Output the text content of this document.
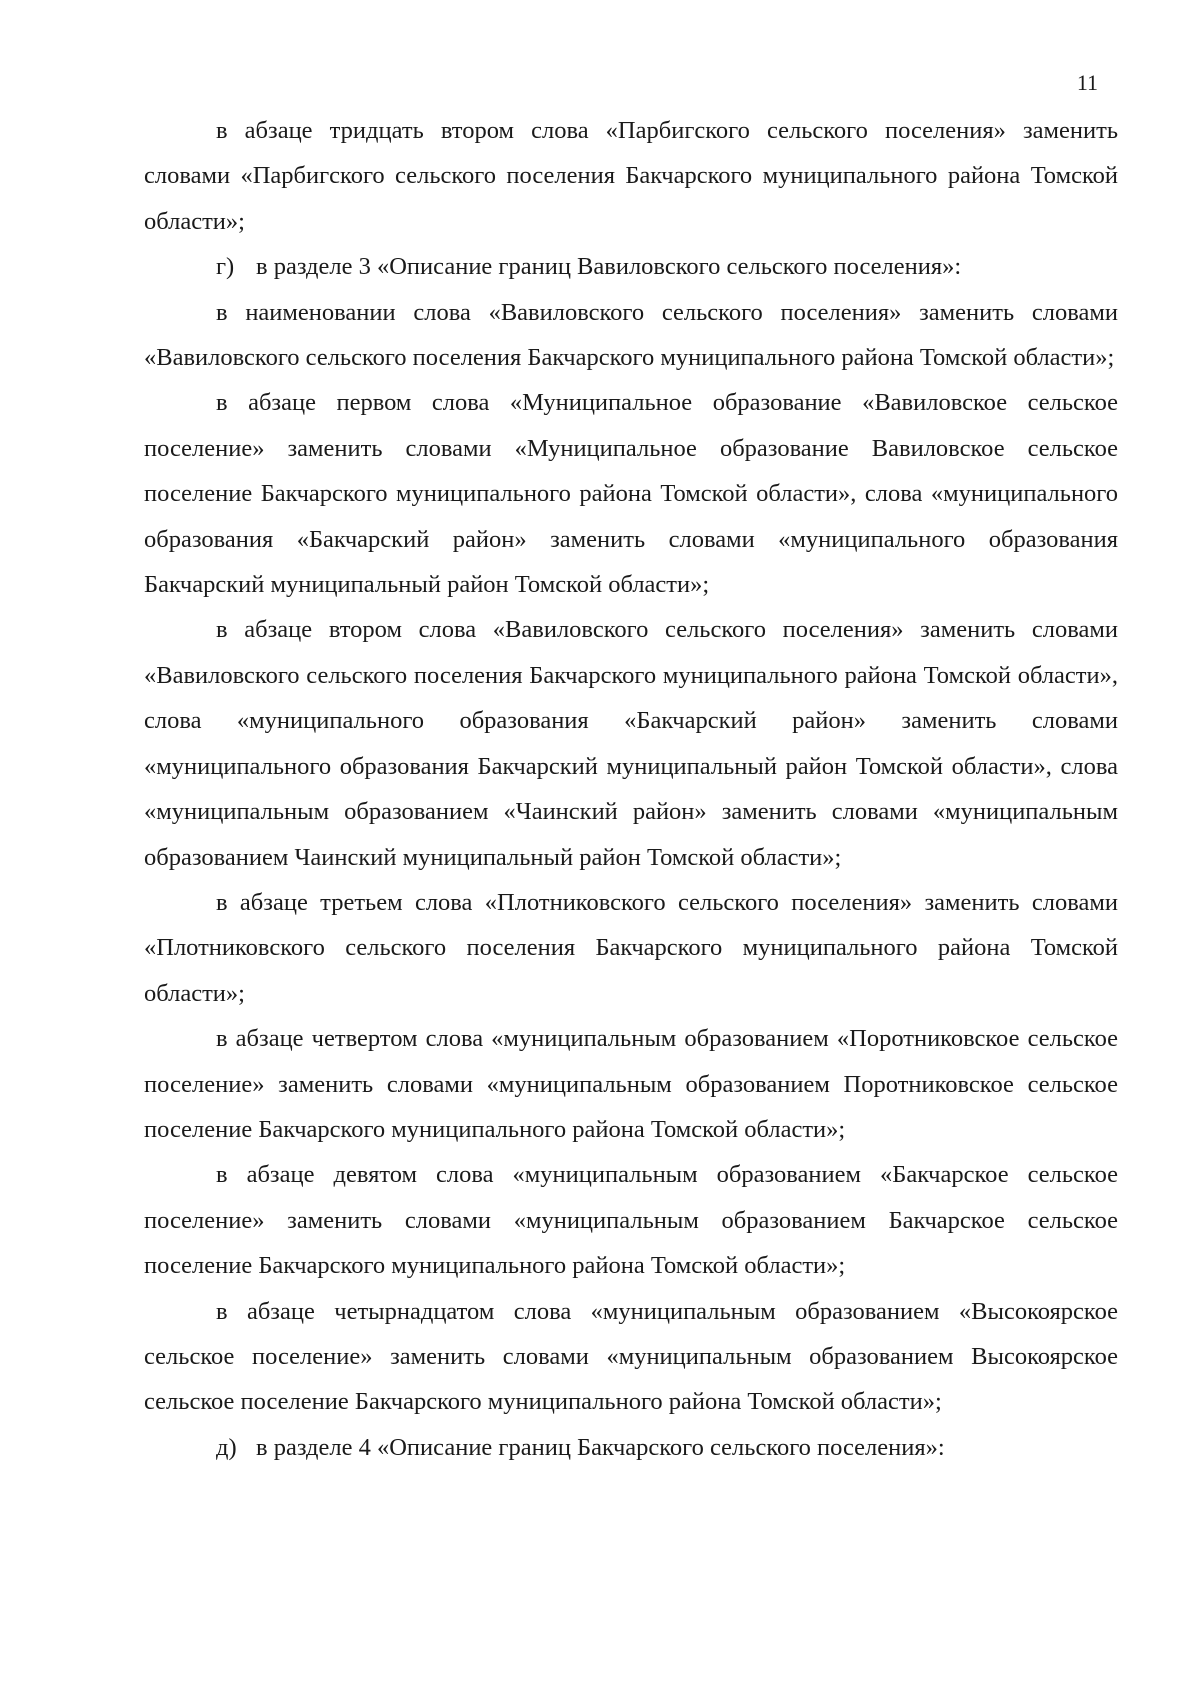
11

в абзаце тридцать втором слова «Парбигского сельского поселения» заменить словами «Парбигского сельского поселения Бакчарского муниципального района Томской области»;

г) в разделе 3 «Описание границ Вавиловского сельского поселения»:

в наименовании слова «Вавиловского сельского поселения» заменить словами «Вавиловского сельского поселения Бакчарского муниципального района Томской области»;

в абзаце первом слова «Муниципальное образование «Вавиловское сельское поселение» заменить словами «Муниципальное образование Вавиловское сельское поселение Бакчарского муниципального района Томской области», слова «муниципального образования «Бакчарский район» заменить словами «муниципального образования Бакчарский муниципальный район Томской области»;

в абзаце втором слова «Вавиловского сельского поселения» заменить словами «Вавиловского сельского поселения Бакчарского муниципального района Томской области», слова «муниципального образования «Бакчарский район» заменить словами «муниципального образования Бакчарский муниципальный район Томской области», слова «муниципальным образованием «Чаинский район» заменить словами «муниципальным образованием Чаинский муниципальный район Томской области»;

в абзаце третьем слова «Плотниковского сельского поселения» заменить словами «Плотниковского сельского поселения Бакчарского муниципального района Томской области»;

в абзаце четвертом слова «муниципальным образованием «Поротниковское сельское поселение» заменить словами «муниципальным образованием Поротниковское сельское поселение Бакчарского муниципального района Томской области»;

в абзаце девятом слова «муниципальным образованием «Бакчарское сельское поселение» заменить словами «муниципальным образованием Бакчарское сельское поселение Бакчарского муниципального района Томской области»;

в абзаце четырнадцатом слова «муниципальным образованием «Высокоярское сельское поселение» заменить словами «муниципальным образованием Высокоярское сельское поселение Бакчарского муниципального района Томской области»;

д) в разделе 4 «Описание границ Бакчарского сельского поселения»:
